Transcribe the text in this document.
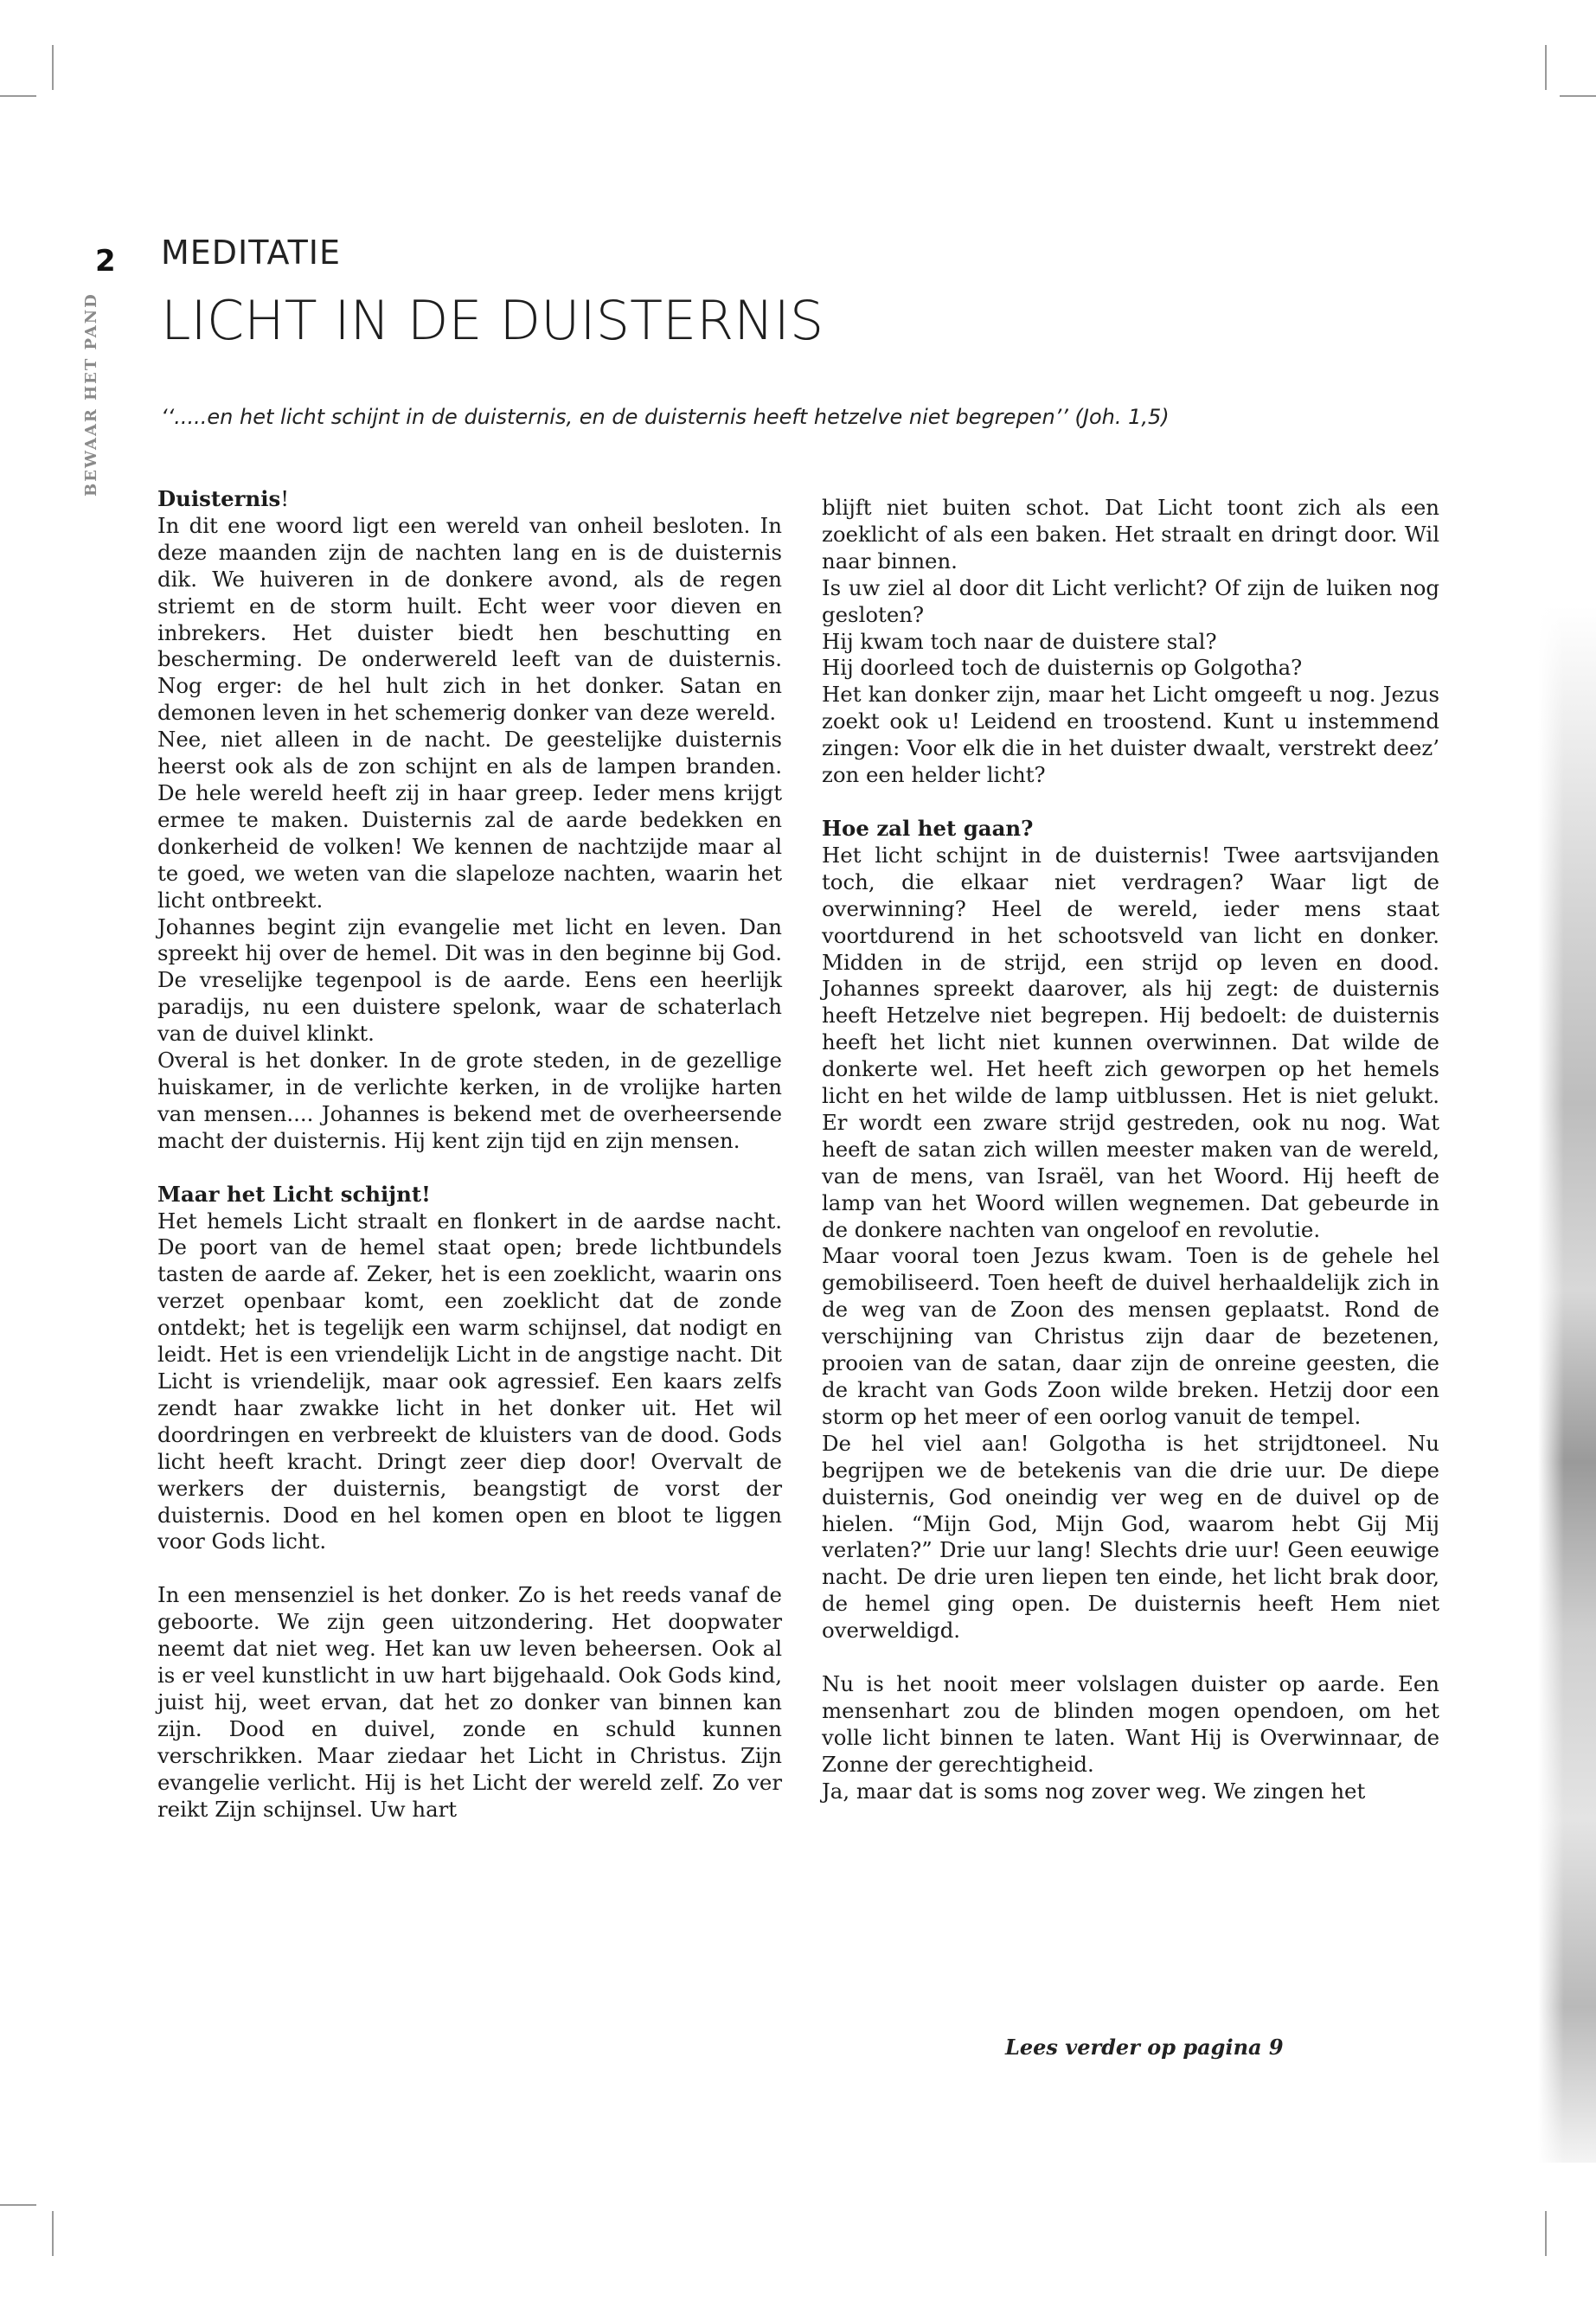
2
BEWAAR HET PAND
MEDITATIE
LICHT IN DE DUISTERNIS
‘‘.....en het licht schijnt in de duisternis, en de duisternis heeft hetzelve niet begrepen’’ (Joh. 1,5)
Duisternis!

In dit ene woord ligt een wereld van onheil besloten. In deze maanden zijn de nachten lang en is de duisternis dik. We huiveren in de donkere avond, als de regen striemt en de storm huilt. Echt weer voor dieven en inbrekers. Het duister biedt hen beschutting en bescherming. De onderwereld leeft van de duisternis. Nog erger: de hel hult zich in het donker. Satan en demonen leven in het schemerig donker van deze wereld.

Nee, niet alleen in de nacht. De geestelijke duisternis heerst ook als de zon schijnt en als de lampen branden. De hele wereld heeft zij in haar greep. Ieder mens krijgt ermee te maken. Duisternis zal de aarde bedekken en donkerheid de volken! We kennen de nachtzijde maar al te goed, we weten van die slapeloze nachten, waarin het licht ontbreekt.

Johannes begint zijn evangelie met licht en leven. Dan spreekt hij over de hemel. Dit was in den beginne bij God. De vreselijke tegenpool is de aarde. Eens een heerlijk paradijs, nu een duistere spelonk, waar de schaterlach van de duivel klinkt.

Overal is het donker. In de grote steden, in de gezellige huiskamer, in de verlichte kerken, in de vrolijke harten van mensen.... Johannes is bekend met de overheersende macht der duisternis. Hij kent zijn tijd en zijn mensen.

Maar het Licht schijnt!

Het hemels Licht straalt en flonkert in de aardse nacht. De poort van de hemel staat open; brede lichtbundels tasten de aarde af. Zeker, het is een zoeklicht, waarin ons verzet openbaar komt, een zoeklicht dat de zonde ontdekt; het is tegelijk een warm schijnsel, dat nodigt en leidt. Het is een vriendelijk Licht in de angstige nacht. Dit Licht is vriendelijk, maar ook agressief. Een kaars zelfs zendt haar zwakke licht in het donker uit. Het wil doordringen en verbreekt de kluisters van de dood. Gods licht heeft kracht. Dringt zeer diep door! Overvalt de werkers der duisternis, beangstigt de vorst der duisternis. Dood en hel komen open en bloot te liggen voor Gods licht.

In een mensenziel is het donker. Zo is het reeds vanaf de geboorte. We zijn geen uitzondering. Het doopwater neemt dat niet weg. Het kan uw leven beheersen. Ook al is er veel kunstlicht in uw hart bijgehaald. Ook Gods kind, juist hij, weet ervan, dat het zo donker van binnen kan zijn. Dood en duivel, zonde en schuld kunnen verschrikken. Maar ziedaar het Licht in Christus. Zijn evangelie verlicht. Hij is het Licht der wereld zelf. Zo ver reikt Zijn schijnsel. Uw hart

blijft niet buiten schot. Dat Licht toont zich als een zoeklicht of als een baken. Het straalt en dringt door. Wil naar binnen.

Is uw ziel al door dit Licht verlicht? Of zijn de luiken nog gesloten?

Hij kwam toch naar de duistere stal?

Hij doorleed toch de duisternis op Golgotha?

Het kan donker zijn, maar het Licht omgeeft u nog. Jezus zoekt ook u! Leidend en troostend. Kunt u instemmend zingen: Voor elk die in het duister dwaalt, verstrekt deez’ zon een helder licht?

Hoe zal het gaan?

Het licht schijnt in de duisternis! Twee aartsvijanden toch, die elkaar niet verdragen? Waar ligt de overwinning? Heel de wereld, ieder mens staat voortdurend in het schootsveld van licht en donker. Midden in de strijd, een strijd op leven en dood. Johannes spreekt daarover, als hij zegt: de duisternis heeft Hetzelve niet begrepen. Hij bedoelt: de duisternis heeft het licht niet kunnen overwinnen. Dat wilde de donkerte wel. Het heeft zich geworpen op het hemels licht en het wilde de lamp uitblussen. Het is niet gelukt. Er wordt een zware strijd gestreden, ook nu nog. Wat heeft de satan zich willen meester maken van de wereld, van de mens, van Israël, van het Woord. Hij heeft de lamp van het Woord willen wegnemen. Dat gebeurde in de donkere nachten van ongeloof en revolutie.

Maar vooral toen Jezus kwam. Toen is de gehele hel gemobiliseerd. Toen heeft de duivel herhaaldelijk zich in de weg van de Zoon des mensen geplaatst. Rond de verschijning van Christus zijn daar de bezetenen, prooien van de satan, daar zijn de onreine geesten, die de kracht van Gods Zoon wilde breken. Hetzij door een storm op het meer of een oorlog vanuit de tempel.

De hel viel aan! Golgotha is het strijdtoneel. Nu begrijpen we de betekenis van die drie uur. De diepe duisternis, God oneindig ver weg en de duivel op de hielen. “Mijn God, Mijn God, waarom hebt Gij Mij verlaten?” Drie uur lang! Slechts drie uur! Geen eeuwige nacht. De drie uren liepen ten einde, het licht brak door, de hemel ging open. De duisternis heeft Hem niet overweldigd.

Nu is het nooit meer volslagen duister op aarde. Een mensenhart zou de blinden mogen opendoen, om het volle licht binnen te laten. Want Hij is Overwinnaar, de Zonne der gerechtigheid.

Ja, maar dat is soms nog zover weg. We zingen het

Lees verder op pagina 9
